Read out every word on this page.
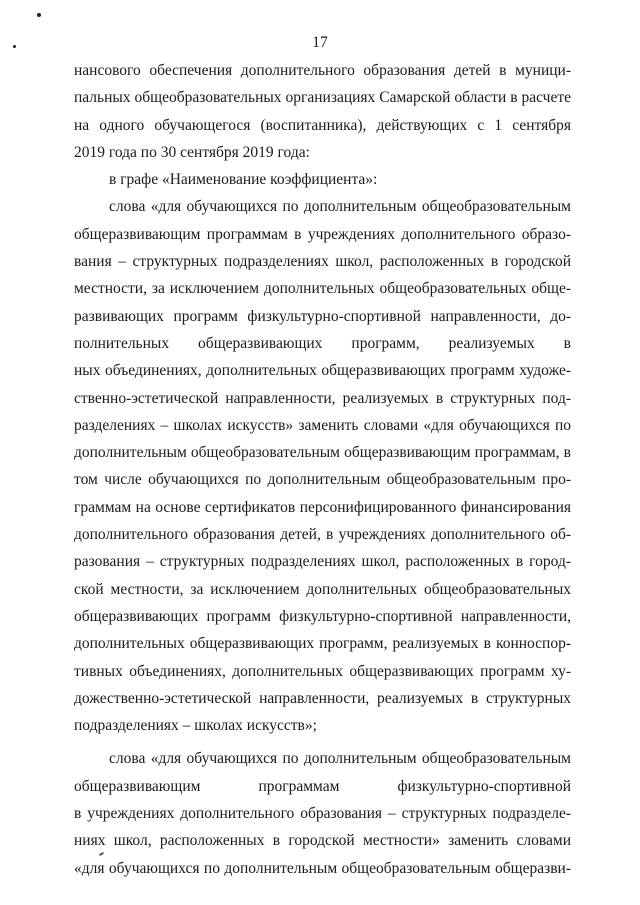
17
нансового обеспечения дополнительного образования детей в муници-
пальных общеобразовательных организациях Самарской области в расчете
на одного обучающегося (воспитанника), действующих с 1 сентября
2019 года по 30 сентября 2019 года:
в графе «Наименование коэффициента»:
слова «для обучающихся по дополнительным общеобразовательным
общеразвивающим программам в учреждениях дополнительного образо-
вания – структурных подразделениях школ, расположенных в городской
местности, за исключением дополнительных общеобразовательных обще-
развивающих программ физкультурно-спортивной направленности, до-
полнительных общеразвивающих программ, реализуемых в
ных объединениях, дополнительных общеразвивающих программ художе-
ственно-эстетической направленности, реализуемых в структурных под-
разделениях – школах искусств» заменить словами «для обучающихся по
дополнительным общеобразовательным общеразвивающим программам, в
том числе обучающихся по дополнительным общеобразовательным про-
граммам на основе сертификатов персонифицированного финансирования
дополнительного образования детей, в учреждениях дополнительного об-
разования – структурных подразделениях школ, расположенных в город-
ской местности, за исключением дополнительных общеобразовательных
общеразвивающих программ физкультурно-спортивной направленности,
дополнительных общеразвивающих программ, реализуемых в конноспор-
тивных объединениях, дополнительных общеразвивающих программ ху-
дожественно-эстетической направленности, реализуемых в структурных
подразделениях – школах искусств»;
слова «для обучающихся по дополнительным общеобразовательным
общеразвивающим программам физкультурно-спортивной
в учреждениях дополнительного образования – структурных подразделе-
ниях школ, расположенных в городской местности» заменить словами
«для обучающихся по дополнительным общеобразовательным общеразви-
